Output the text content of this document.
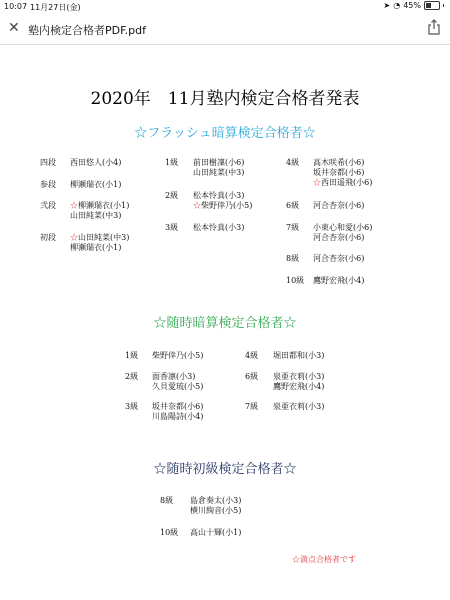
10:07 11月27日(金)	➤ ◔ 45%
✕ 塾内検定合格者PDF.pdf
2020年　11月塾内検定合格者発表
☆フラッシュ暗算検定合格者☆
☆随時暗算検定合格者☆
☆随時初級検定合格者☆
四段 西田悠人(小4)
参段 柳瀬瑞衣(小1)
弐段 ☆柳瀬瑞衣(小1)
山田純菜(中3)
初段 ☆山田純菜(中3)
柳瀬瑞衣(小1)
1級 前田樹凜(小6)
山田純菜(中3)
2級 松本怜真(小3)
☆柴野倖乃(小5)
3級 松本怜真(小3)
4級 高木咲希(小6)
坂井奈都(小6)
☆西田遥飛(小6)
6級 河合杏奈(小6)
7級 小東心和愛(小6)
河合杏奈(小6)
8級 河合杏奈(小6)
10級 鷹野宏飛(小4)
1級 柴野倖乃(小5)
2級 面香凛(小3)
久貝愛琉(小5)
3級 坂井奈都(小6)
川島陽詩(小4)
4級 堀田都和(小3)
6級 泉亜衣莉(小3)
鷹野宏飛(小4)
7級 泉亜衣莉(小3)
8級 島倉奏太(小3)
横川絢音(小5)
10級 高山十輝(小1)
☆満点合格者です
